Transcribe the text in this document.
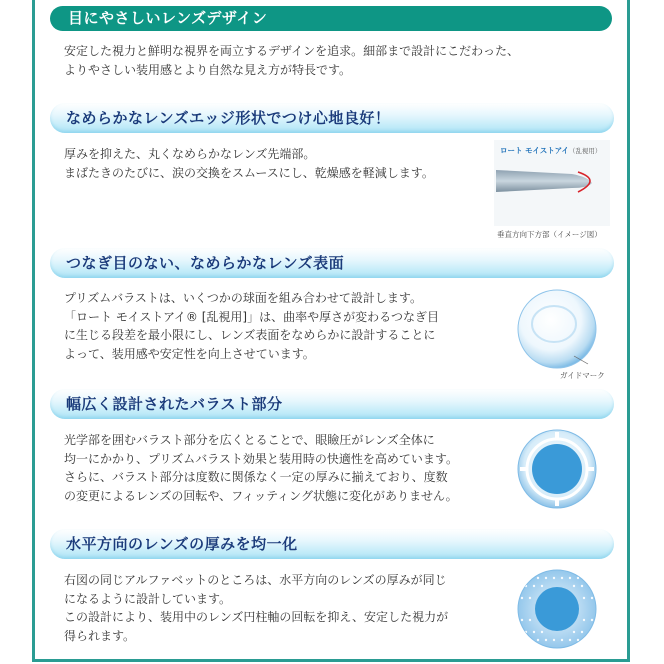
目にやさしいレンズデザイン
安定した視力と鮮明な視界を両立するデザインを追求。細部まで設計にこだわった、
よりやさしい装用感とより自然な見え方が特長です。
なめらかなレンズエッジ形状でつけ心地良好！
厚みを抑えた、丸くなめらかなレンズ先端部。
まばたきのたびに、涙の交換をスムースにし、乾燥感を軽減します。
ロート モイストアイ（乱視用）
垂直方向下方部（イメージ図）
つなぎ目のない、なめらかなレンズ表面
プリズムバラストは、いくつかの球面を組み合わせて設計します。
「ロート モイストアイ® [乱視用]」は、曲率や厚さが変わるつなぎ目
に生じる段差を最小限にし、レンズ表面をなめらかに設計することに
よって、装用感や安定性を向上させています。
ガイドマーク
幅広く設計されたバラスト部分
光学部を囲むバラスト部分を広くとることで、眼瞼圧がレンズ全体に
均一にかかり、プリズムバラスト効果と装用時の快適性を高めています。
さらに、バラスト部分は度数に関係なく一定の厚みに揃えており、度数
の変更によるレンズの回転や、フィッティング状態に変化がありません。
水平方向のレンズの厚みを均一化
右図の同じアルファベットのところは、水平方向のレンズの厚みが同じ
になるように設計しています。
この設計により、装用中のレンズ円柱軸の回転を抑え、安定した視力が
得られます。
